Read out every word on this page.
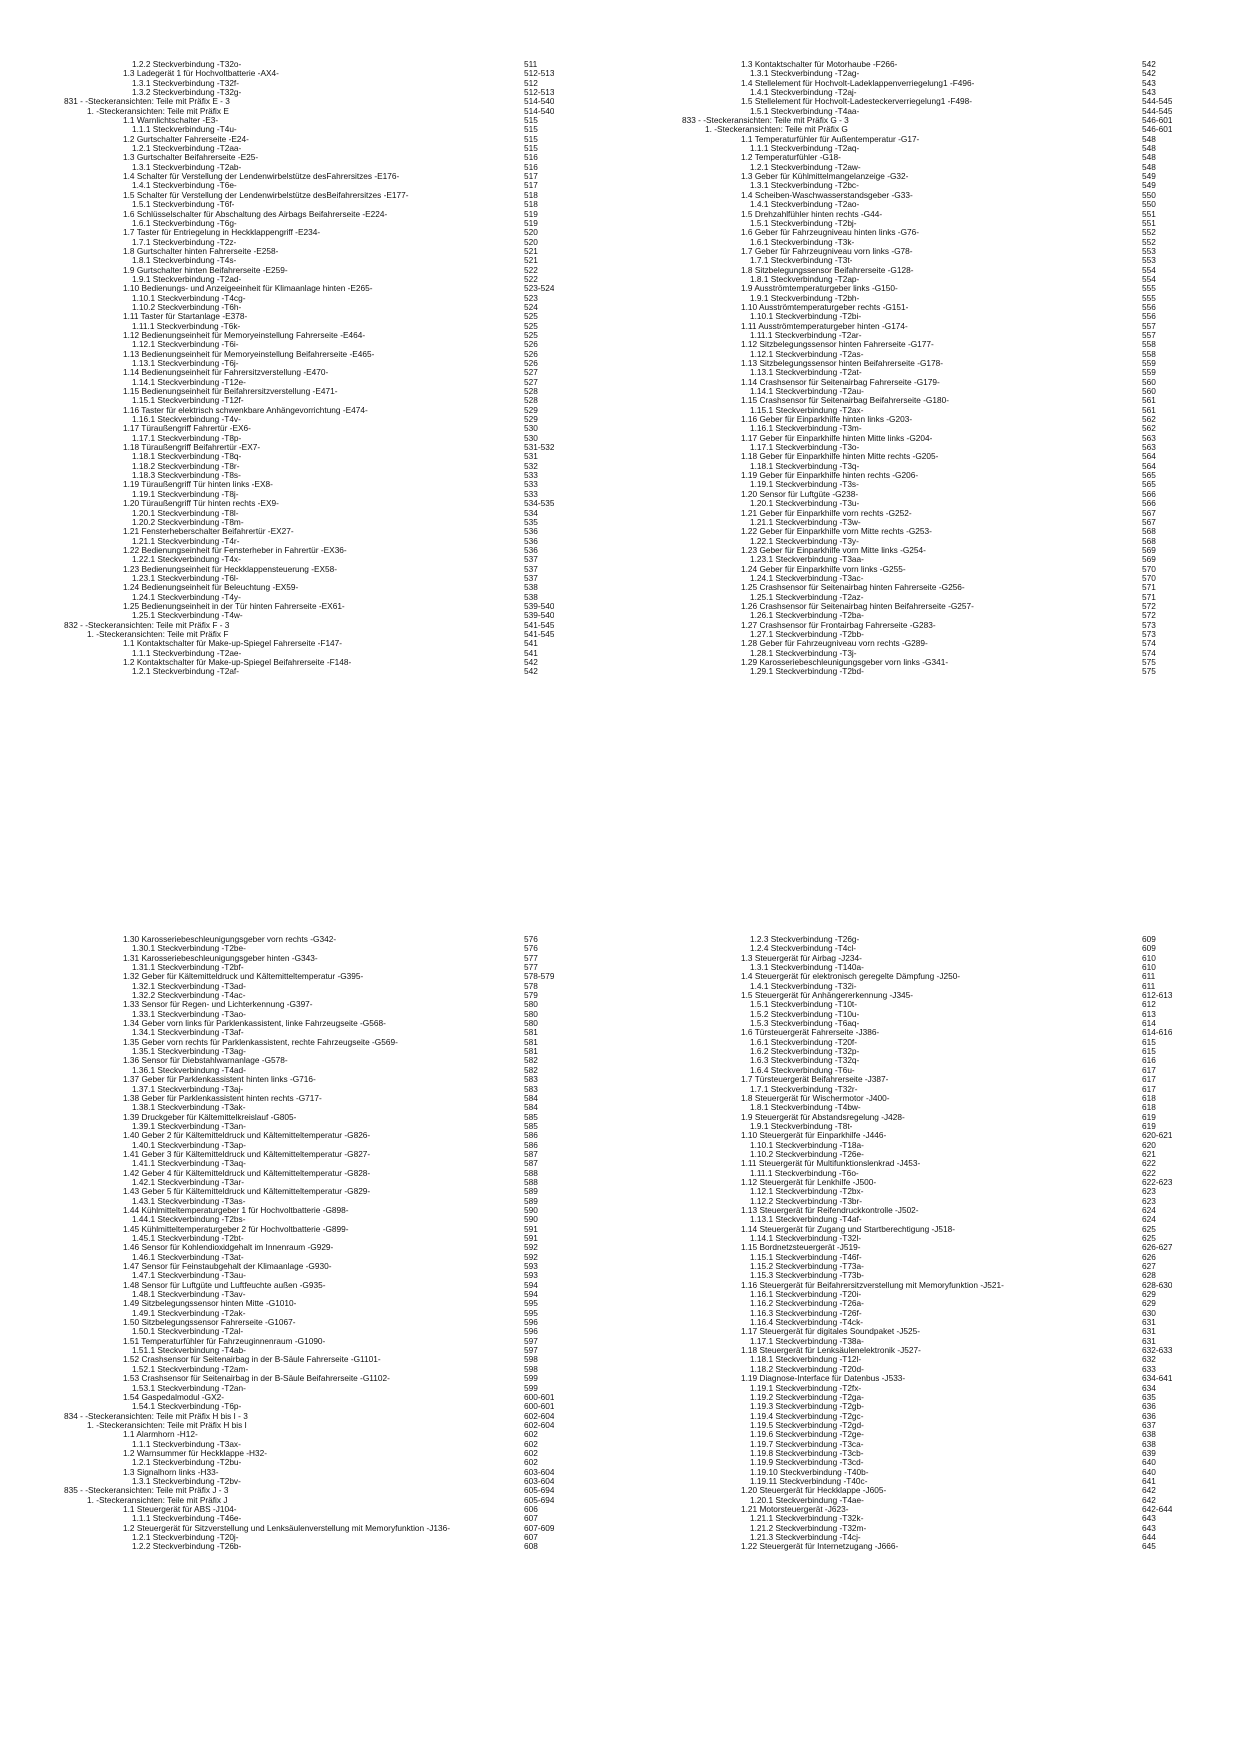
1.2.2 Steckverbindung -T32o-	511
1.3 Ladegerät 1 für Hochvoltbatterie -AX4-	512-513
1.3.1 Steckverbindung -T32f-	512
1.3.2 Steckverbindung -T32g-	512-513
831 - -Steckeransichten: Teile mit Präfix E - 3	514-540
1. -Steckeransichten: Teile mit Präfix E	514-540
1.1 Warnlichtschalter -E3-	515
1.1.1 Steckverbindung -T4u-	515
1.2 Gurtschalter Fahrerseite -E24-	515
1.2.1 Steckverbindung -T2aa-	515
1.3 Gurtschalter Beifahrerseite -E25-	516
1.3.1 Steckverbindung -T2ab-	516
1.4 Schalter für Verstellung der Lendenwirbelstütze desFahrersitzes -E176-	517
1.4.1 Steckverbindung -T6e-	517
1.5 Schalter für Verstellung der Lendenwirbelstütze desBeifahrersitzes -E177-	518
1.5.1 Steckverbindung -T6f-	518
1.6 Schlüsselschalter für Abschaltung des Airbags Beifahrerseite -E224-	519
1.6.1 Steckverbindung -T6g-	519
1.7 Taster für Entriegelung in Heckklappengriff -E234-	520
1.7.1 Steckverbindung -T2z-	520
1.8 Gurtschalter hinten Fahrerseite -E258-	521
1.8.1 Steckverbindung -T4s-	521
1.9 Gurtschalter hinten Beifahrerseite -E259-	522
1.9.1 Steckverbindung -T2ad-	522
1.10 Bedienungs- und Anzeigeeinheit für Klimaanlage hinten -E265-	523-524
1.10.1 Steckverbindung -T4cg-	523
1.10.2 Steckverbindung -T6h-	524
1.11 Taster für Startanlage -E378-	525
1.11.1 Steckverbindung -T6k-	525
1.12 Bedienungseinheit für Memoryeinstellung Fahrerseite -E464-	525
1.12.1 Steckverbindung -T6i-	526
1.13 Bedienungseinheit für Memoryeinstellung Beifahrerseite -E465-	526
1.13.1 Steckverbindung -T6j-	526
1.14 Bedienungseinheit für Fahrersitzverstellung -E470-	527
1.14.1 Steckverbindung -T12e-	527
1.15 Bedienungseinheit für Beifahrersitzverstellung -E471-	528
1.15.1 Steckverbindung -T12f-	528
1.16 Taster für elektrisch schwenkbare Anhängevorrichtung -E474-	529
1.16.1 Steckverbindung -T4v-	529
1.17 Türaußengriff Fahrertür -EX6-	530
1.17.1 Steckverbindung -T8p-	530
1.18 Türaußengriff Beifahrertür -EX7-	531-532
1.18.1 Steckverbindung -T8q-	531
1.18.2 Steckverbindung -T8r-	532
1.18.3 Steckverbindung -T8s-	533
1.19 Türaußengriff Tür hinten links -EX8-	533
1.19.1 Steckverbindung -T8j-	533
1.20 Türaußengriff Tür hinten rechts -EX9-	534-535
1.20.1 Steckverbindung -T8l-	534
1.20.2 Steckverbindung -T8m-	535
1.21 Fensterheberschalter Beifahrertür -EX27-	536
1.21.1 Steckverbindung -T4r-	536
1.22 Bedienungseinheit für Fensterheber in Fahrertür -EX36-	536
1.22.1 Steckverbindung -T4x-	537
1.23 Bedienungseinheit für Heckklappensteuerung -EX58-	537
1.23.1 Steckverbindung -T6l-	537
1.24 Bedienungseinheit für Beleuchtung -EX59-	538
1.24.1 Steckverbindung -T4y-	538
1.25 Bedienungseinheit in der Tür hinten Fahrerseite -EX61-	539-540
1.25.1 Steckverbindung -T4w-	539-540
832 - -Steckeransichten: Teile mit Präfix F - 3	541-545
1. -Steckeransichten: Teile mit Präfix F	541-545
1.1 Kontaktschalter für Make-up-Spiegel Fahrerseite -F147-	541
1.1.1 Steckverbindung -T2ae-	541
1.2 Kontaktschalter für Make-up-Spiegel Beifahrerseite -F148-	542
1.2.1 Steckverbindung -T2af-	542
1.3 Kontaktschalter für Motorhaube -F266-	542
1.3.1 Steckverbindung -T2ag-	542
1.4 Stellelement für Hochvolt-Ladeklappenverriegelung1 -F496-	543
1.4.1 Steckverbindung -T2aj-	543
1.5 Stellelement für Hochvolt-Ladesteckerverriegelung1 -F498-	544-545
1.5.1 Steckverbindung -T4aa-	544-545
833 - -Steckeransichten: Teile mit Präfix G - 3	546-601
1. -Steckeransichten: Teile mit Präfix G	546-601
1.1 Temperaturfühler für Außentemperatur -G17-	548
1.1.1 Steckverbindung -T2aq-	548
1.2 Temperaturfühler -G18-	548
1.2.1 Steckverbindung -T2aw-	548
1.3 Geber für Kühlmittelmangelanzeige -G32-	549
1.3.1 Steckverbindung -T2bc-	549
1.4 Scheiben-Waschwasserstandsgeber -G33-	550
1.4.1 Steckverbindung -T2ao-	550
1.5 Drehzahlfühler hinten rechts -G44-	551
1.5.1 Steckverbindung -T2bj-	551
1.6 Geber für Fahrzeugniveau hinten links -G76-	552
1.6.1 Steckverbindung -T3k-	552
1.7 Geber für Fahrzeugniveau vorn links -G78-	553
1.7.1 Steckverbindung -T3t-	553
1.8 Sitzbelegungssensor Beifahrerseite -G128-	554
1.8.1 Steckverbindung -T2ap-	554
1.9 Ausströmtemperaturgeber links -G150-	555
1.9.1 Steckverbindung -T2bh-	555
1.10 Ausströmtemperaturgeber rechts -G151-	556
1.10.1 Steckverbindung -T2bi-	556
1.11 Ausströmtemperaturgeber hinten -G174-	557
1.11.1 Steckverbindung -T2ar-	557
1.12 Sitzbelegungssensor hinten Fahrerseite -G177-	558
1.12.1 Steckverbindung -T2as-	558
1.13 Sitzbelegungssensor hinten Beifahrerseite -G178-	559
1.13.1 Steckverbindung -T2at-	559
1.14 Crashsensor für Seitenairbag Fahrerseite -G179-	560
1.14.1 Steckverbindung -T2au-	560
1.15 Crashsensor für Seitenairbag Beifahrerseite -G180-	561
1.15.1 Steckverbindung -T2ax-	561
1.16 Geber für Einparkhilfe hinten links -G203-	562
1.16.1 Steckverbindung -T3m-	562
1.17 Geber für Einparkhilfe hinten Mitte links -G204-	563
1.17.1 Steckverbindung -T3o-	563
1.18 Geber für Einparkhilfe hinten Mitte rechts -G205-	564
1.18.1 Steckverbindung -T3q-	564
1.19 Geber für Einparkhilfe hinten rechts -G206-	565
1.19.1 Steckverbindung -T3s-	565
1.20 Sensor für Luftgüte -G238-	566
1.20.1 Steckverbindung -T3u-	566
1.21 Geber für Einparkhilfe vorn rechts -G252-	567
1.21.1 Steckverbindung -T3w-	567
1.22 Geber für Einparkhilfe vorn Mitte rechts -G253-	568
1.22.1 Steckverbindung -T3y-	568
1.23 Geber für Einparkhilfe vorn Mitte links -G254-	569
1.23.1 Steckverbindung -T3aa-	569
1.24 Geber für Einparkhilfe vorn links -G255-	570
1.24.1 Steckverbindung -T3ac-	570
1.25 Crashsensor für Seitenairbag hinten Fahrerseite -G256-	571
1.25.1 Steckverbindung -T2az-	571
1.26 Crashsensor für Seitenairbag hinten Beifahrerseite -G257-	572
1.26.1 Steckverbindung -T2ba-	572
1.27 Crashsensor für Frontairbag Fahrerseite -G283-	573
1.27.1 Steckverbindung -T2bb-	573
1.28 Geber für Fahrzeugniveau vorn rechts -G289-	574
1.28.1 Steckverbindung -T3j-	574
1.29 Karosseriebeschleunigungsgeber vorn links -G341-	575
1.29.1 Steckverbindung -T2bd-	575
1.30 Karosseriebeschleunigungsgeber vorn rechts -G342-	576
1.30.1 Steckverbindung -T2be-	576
1.31 Karosseriebeschleunigungsgeber hinten -G343-	577
1.31.1 Steckverbindung -T2bf-	577
1.32 Geber für Kältemitteldruck und Kältemitteltemperatur -G395-	578-579
1.32.1 Steckverbindung -T3ad-	578
1.32.2 Steckverbindung -T4ac-	579
1.33 Sensor für Regen- und Lichterkennung -G397-	580
1.33.1 Steckverbindung -T3ao-	580
1.34 Geber vorn links für Parklenkassistent, linke Fahrzeugseite -G568-	580
1.34.1 Steckverbindung -T3af-	581
1.35 Geber vorn rechts für Parklenkassistent, rechte Fahrzeugseite -G569-	581
1.35.1 Steckverbindung -T3ag-	581
1.36 Sensor für Diebstahlwarnanlage -G578-	582
1.36.1 Steckverbindung -T4ad-	582
1.37 Geber für Parklenkassistent hinten links -G716-	583
1.37.1 Steckverbindung -T3aj-	583
1.38 Geber für Parklenkassistent hinten rechts -G717-	584
1.38.1 Steckverbindung -T3ak-	584
1.39 Druckgeber für Kältemittelkreislauf -G805-	585
1.39.1 Steckverbindung -T3an-	585
1.40 Geber 2 für Kältemitteldruck und Kältemitteltemperatur -G826-	586
1.40.1 Steckverbindung -T3ap-	586
1.41 Geber 3 für Kältemitteldruck und Kältemitteltemperatur -G827-	587
1.41.1 Steckverbindung -T3aq-	587
1.42 Geber 4 für Kältemitteldruck und Kältemitteltemperatur -G828-	588
1.42.1 Steckverbindung -T3ar-	588
1.43 Geber 5 für Kältemitteldruck und Kältemitteltemperatur -G829-	589
1.43.1 Steckverbindung -T3as-	589
1.44 Kühlmitteltemperaturgeber 1 für Hochvoltbatterie -G898-	590
1.44.1 Steckverbindung -T2bs-	590
1.45 Kühlmitteltemperaturgeber 2 für Hochvoltbatterie -G899-	591
1.45.1 Steckverbindung -T2bt-	591
1.46 Sensor für Kohlendioxidgehalt im Innenraum -G929-	592
1.46.1 Steckverbindung -T3at-	592
1.47 Sensor für Feinstaubgehalt der Klimaanlage -G930-	593
1.47.1 Steckverbindung -T3au-	593
1.48 Sensor für Luftgüte und Luftfeuchte außen -G935-	594
1.48.1 Steckverbindung -T3av-	594
1.49 Sitzbelegungssensor hinten Mitte -G1010-	595
1.49.1 Steckverbindung -T2ak-	595
1.50 Sitzbelegungssensor Fahrerseite -G1067-	596
1.50.1 Steckverbindung -T2al-	596
1.51 Temperaturfühler für Fahrzeuginnenraum -G1090-	597
1.51.1 Steckverbindung -T4ab-	597
1.52 Crashsensor für Seitenairbag in der B-Säule Fahrerseite -G1101-	598
1.52.1 Steckverbindung -T2am-	598
1.53 Crashsensor für Seitenairbag in der B-Säule Beifahrerseite -G1102-	599
1.53.1 Steckverbindung -T2an-	599
1.54 Gaspedalmodul -GX2-	600-601
1.54.1 Steckverbindung -T6p-	600-601
834 - -Steckeransichten: Teile mit Präfix H bis I - 3	602-604
1. -Steckeransichten: Teile mit Präfix H bis I	602-604
1.1 Alarmhorn -H12-	602
1.1.1 Steckverbindung -T3ax-	602
1.2 Warnsummer für Heckklappe -H32-	602
1.2.1 Steckverbindung -T2bu-	602
1.3 Signalhorn links -H33-	603-604
1.3.1 Steckverbindung -T2bv-	603-604
835 - -Steckeransichten: Teile mit Präfix J - 3	605-694
1. -Steckeransichten: Teile mit Präfix J	605-694
1.1 Steuergerät für ABS -J104-	606
1.1.1 Steckverbindung -T46e-	607
1.2 Steuergerät für Sitzverstellung und Lenksäulenverstellung mit Memoryfunktion -J136-	607-609
1.2.1 Steckverbindung -T20j-	607
1.2.2 Steckverbindung -T26b-	608
1.2.3 Steckverbindung -T26g-	609
1.2.4 Steckverbindung -T4cl-	609
1.3 Steuergerät für Airbag -J234-	610
1.3.1 Steckverbindung -T140a-	610
1.4 Steuergerät für elektronisch geregelte Dämpfung -J250-	611
1.4.1 Steckverbindung -T32i-	611
1.5 Steuergerät für Anhängererkennung -J345-	612-613
1.5.1 Steckverbindung -T10t-	612
1.5.2 Steckverbindung -T10u-	613
1.5.3 Steckverbindung -T6aq-	614
1.6 Türsteuergerät Fahrerseite -J386-	614-616
1.6.1 Steckverbindung -T20f-	615
1.6.2 Steckverbindung -T32p-	615
1.6.3 Steckverbindung -T32q-	616
1.6.4 Steckverbindung -T6u-	617
1.7 Türsteuergerät Beifahrerseite -J387-	617
1.7.1 Steckverbindung -T32r-	617
1.8 Steuergerät für Wischermotor -J400-	618
1.8.1 Steckverbindung -T4bw-	618
1.9 Steuergerät für Abstandsregelung -J428-	619
1.9.1 Steckverbindung -T8t-	619
1.10 Steuergerät für Einparkhilfe -J446-	620-621
1.10.1 Steckverbindung -T18a-	620
1.10.2 Steckverbindung -T26e-	621
1.11 Steuergerät für Multifunktionslenkrad -J453-	622
1.11.1 Steckverbindung -T6o-	622
1.12 Steuergerät für Lenkhilfe -J500-	622-623
1.12.1 Steckverbindung -T2bx-	623
1.12.2 Steckverbindung -T3br-	623
1.13 Steuergerät für Reifendruckkontrolle -J502-	624
1.13.1 Steckverbindung -T4af-	624
1.14 Steuergerät für Zugang und Startberechtigung -J518-	625
1.14.1 Steckverbindung -T32l-	625
1.15 Bordnetzsteuergerät -J519-	626-627
1.15.1 Steckverbindung -T46f-	626
1.15.2 Steckverbindung -T73a-	627
1.15.3 Steckverbindung -T73b-	628
1.16 Steuergerät für Beifahrersitzverstellung mit Memoryfunktion -J521-	628-630
1.16.1 Steckverbindung -T20i-	629
1.16.2 Steckverbindung -T26a-	629
1.16.3 Steckverbindung -T26f-	630
1.16.4 Steckverbindung -T4ck-	631
1.17 Steuergerät für digitales Soundpaket -J525-	631
1.17.1 Steckverbindung -T38a-	631
1.18 Steuergerät für Lenksäulenelektronik -J527-	632-633
1.18.1 Steckverbindung -T12l-	632
1.18.2 Steckverbindung -T20d-	633
1.19 Diagnose-Interface für Datenbus -J533-	634-641
1.19.1 Steckverbindung -T2fx-	634
1.19.2 Steckverbindung -T2ga-	635
1.19.3 Steckverbindung -T2gb-	636
1.19.4 Steckverbindung -T2gc-	636
1.19.5 Steckverbindung -T2gd-	637
1.19.6 Steckverbindung -T2ge-	638
1.19.7 Steckverbindung -T3ca-	638
1.19.8 Steckverbindung -T3cb-	639
1.19.9 Steckverbindung -T3cd-	640
1.19.10 Steckverbindung -T40b-	640
1.19.11 Steckverbindung -T40c-	641
1.20 Steuergerät für Heckklappe -J605-	642
1.20.1 Steckverbindung -T4ae-	642
1.21 Motorsteuergerät -J623-	642-644
1.21.1 Steckverbindung -T32k-	643
1.21.2 Steckverbindung -T32m-	643
1.21.3 Steckverbindung -T4cj-	644
1.22 Steuergerät für Internetzugang -J666-	645
